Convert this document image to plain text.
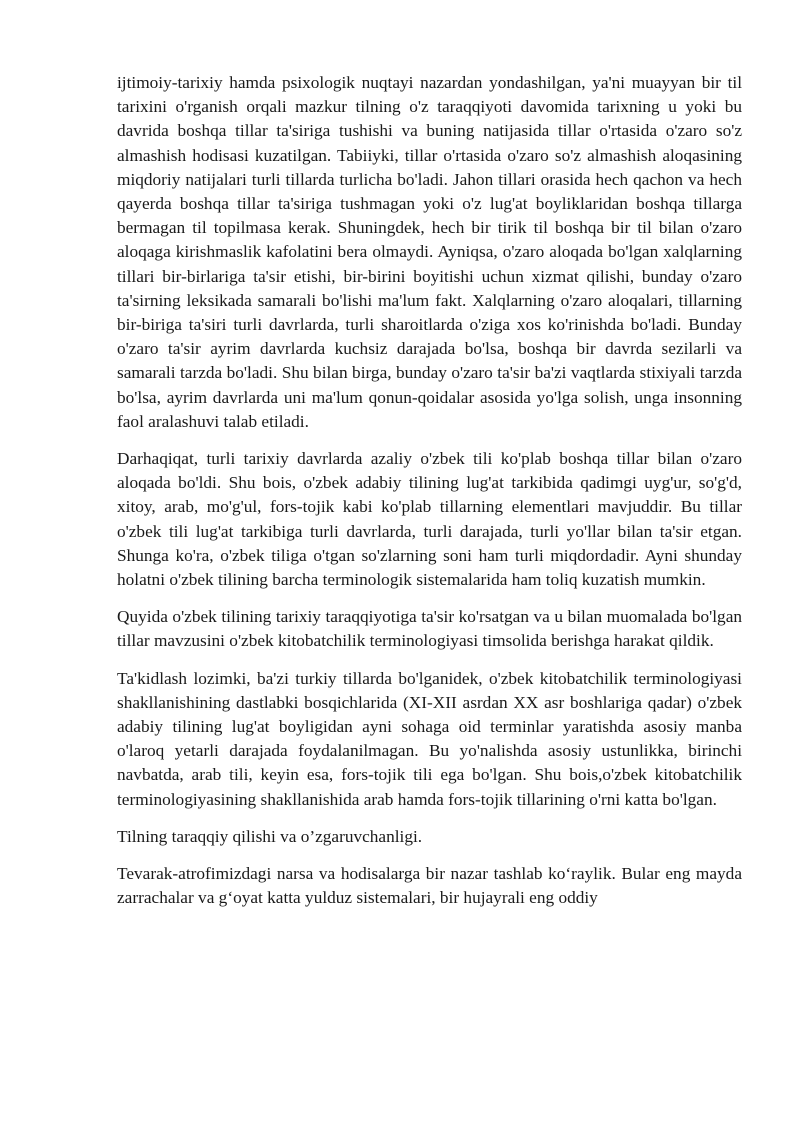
ijtimoiy-tarixiy hamda psixologik nuqtayi nazardan yondashilgan, ya'ni muayyan bir til tarixini o'rganish orqali mazkur tilning o'z taraqqiyoti davomida tarixning u yoki bu davrida boshqa tillar ta'siriga tushishi va buning natijasida tillar o'rtasida o'zaro so'z almashish hodisasi kuzatilgan. Tabiiyki, tillar o'rtasida o'zaro so'z almashish aloqasining miqdoriy natijalari turli tillarda turlicha bo'ladi. Jahon tillari orasida hech qachon va hech qayerda boshqa tillar ta'siriga tushmagan yoki o'z lug'at boyliklaridan boshqa tillarga bermagan til topilmasa kerak. Shuningdek, hech bir tirik til boshqa bir til bilan o'zaro aloqaga kirishmaslik kafolatini bera olmaydi. Ayniqsa, o'zaro aloqada bo'lgan xalqlarning tillari bir-birlariga ta'sir etishi, bir-birini boyitishi uchun xizmat qilishi, bunday o'zaro ta'sirning leksikada samarali bo'lishi ma'lum fakt. Xalqlarning o'zaro aloqalari, tillarning bir-biriga ta'siri turli davrlarda, turli sharoitlarda o'ziga xos ko'rinishda bo'ladi. Bunday o'zaro ta'sir ayrim davrlarda kuchsiz darajada bo'lsa, boshqa bir davrda sezilarli va samarali tarzda bo'ladi. Shu bilan birga, bunday o'zaro ta'sir ba'zi vaqtlarda stixiyali tarzda bo'lsa, ayrim davrlarda uni ma'lum qonun-qoidalar asosida yo'lga solish, unga insonning faol aralashuvi talab etiladi.

Darhaqiqat, turli tarixiy davrlarda azaliy o'zbek tili ko'plab boshqa tillar bilan o'zaro aloqada bo'ldi. Shu bois, o'zbek adabiy tilining lug'at tarkibida qadimgi uyg'ur, so'g'd, xitoy, arab, mo'g'ul, fors-tojik kabi ko'plab tillarning elementlari mavjuddir. Bu tillar o'zbek tili lug'at tarkibiga turli davrlarda, turli darajada, turli yo'llar bilan ta'sir etgan. Shunga ko'ra, o'zbek tiliga o'tgan so'zlarning soni ham turli miqdordadir. Ayni shunday holatni o'zbek tilining barcha terminologik sistemalarida ham toliq kuzatish mumkin.

Quyida o'zbek tilining tarixiy taraqqiyotiga ta'sir ko'rsatgan va u bilan muomalada bo'lgan tillar mavzusini o'zbek kitobatchilik terminologiyasi timsolida berishga harakat qildik.

Ta'kidlash lozimki, ba'zi turkiy tillarda bo'lganidek, o'zbek kitobatchilik terminologiyasi shakllanishining dastlabki bosqichlarida (XI-XII asrdan XX asr boshlariga qadar) o'zbek adabiy tilining lug'at boyligidan ayni sohaga oid terminlar yaratishda asosiy manba o'laroq yetarli darajada foydalanilmagan. Bu yo'nalishda asosiy ustunlikka, birinchi navbatda, arab tili, keyin esa, fors-tojik tili ega bo'lgan. Shu bois,o'zbek kitobatchilik terminologiyasining shakllanishida arab hamda fors-tojik tillarining o'rni katta bo'lgan.

Tilning taraqqiy qilishi va o’zgaruvchanligi.

Tevarak-atrofimizdagi narsa va hodisalarga bir nazar tashlab ko‘raylik. Bular eng mayda zarrachalar va g‘oyat katta yulduz sistemalari, bir hujayrali eng oddiy
